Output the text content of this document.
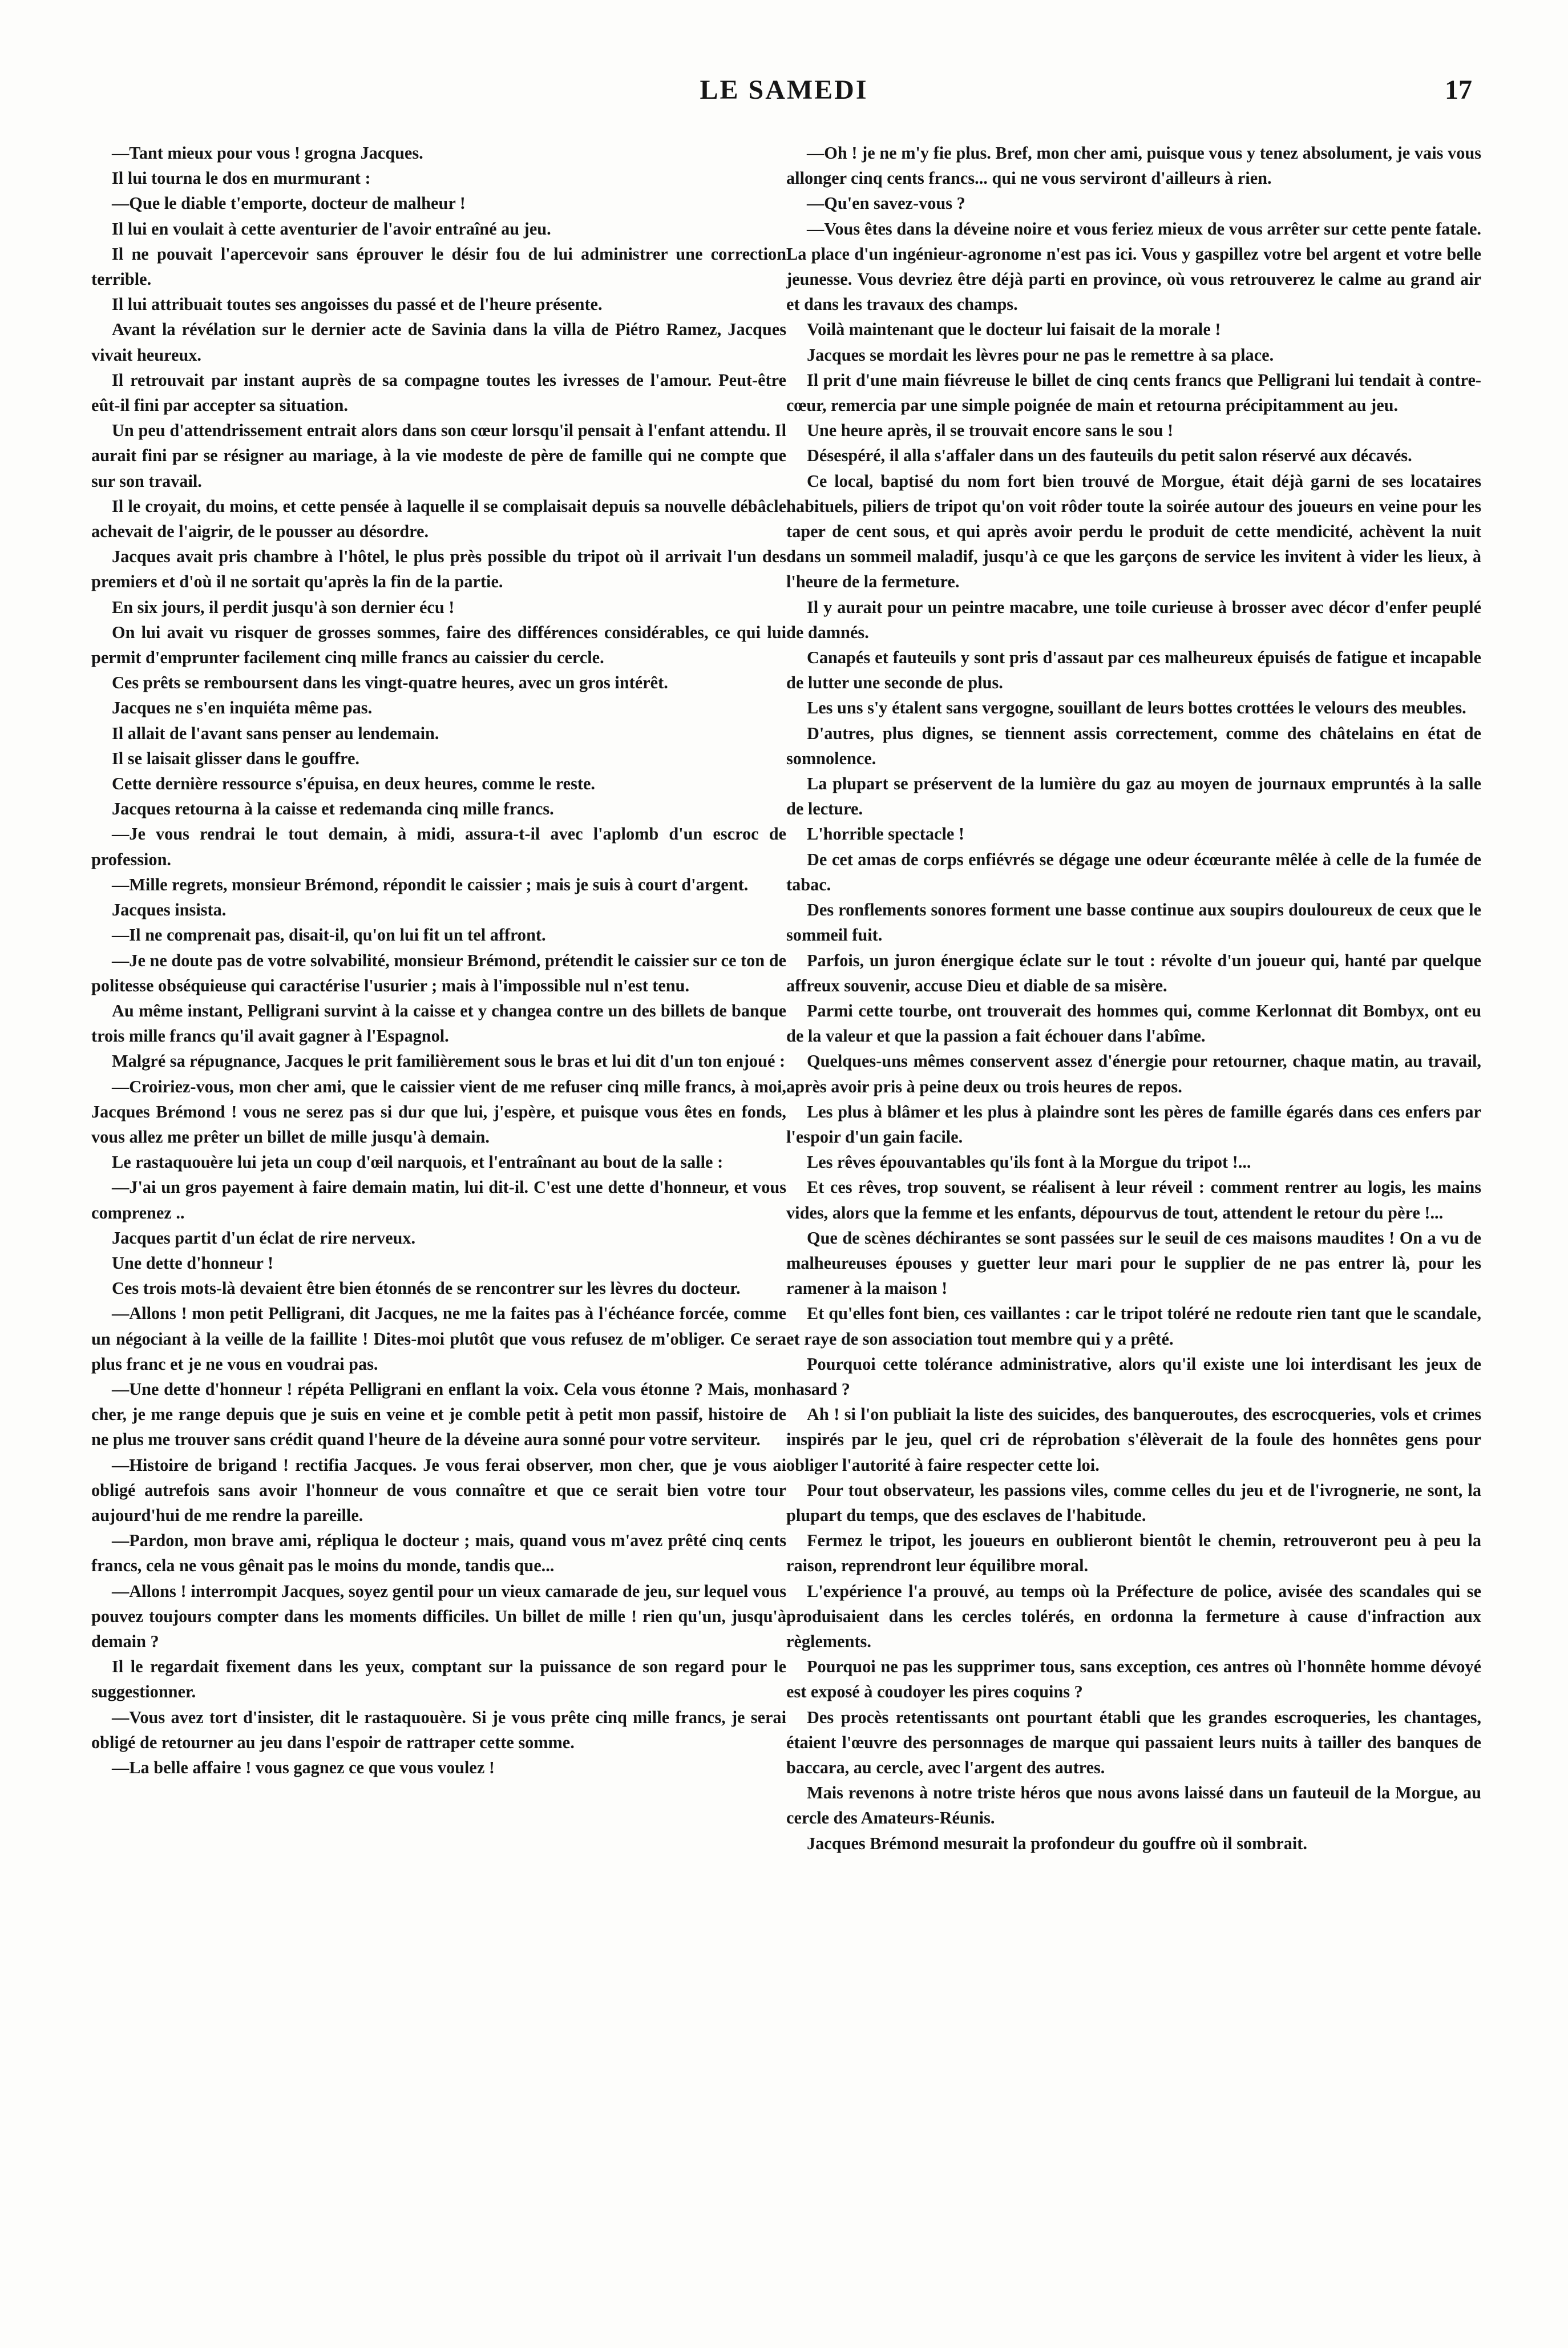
LE SAMEDI	17

—Tant mieux pour vous ! grogna Jacques.

Il lui tourna le dos en murmurant :

—Que le diable t'emporte, docteur de malheur !

Il lui en voulait à cette aventurier de l'avoir entraîné au jeu.

Il ne pouvait l'apercevoir sans éprouver le désir fou de lui administrer une correction terrible.

Il lui attribuait toutes ses angoisses du passé et de l'heure présente.

Avant la révélation sur le dernier acte de Savinia dans la villa de Piétro Ramez, Jacques vivait heureux.

Il retrouvait par instant auprès de sa compagne toutes les ivresses de l'amour. Peut-être eût-il fini par accepter sa situation.

Un peu d'attendrissement entrait alors dans son cœur lorsqu'il pensait à l'enfant attendu. Il aurait fini par se résigner au mariage, à la vie modeste de père de famille qui ne compte que sur son travail.

Il le croyait, du moins, et cette pensée à laquelle il se complaisait depuis sa nouvelle débâcle achevait de l'aigrir, de le pousser au désordre.

Jacques avait pris chambre à l'hôtel, le plus près possible du tripot où il arrivait l'un des premiers et d'où il ne sortait qu'après la fin de la partie.

En six jours, il perdit jusqu'à son dernier écu !

On lui avait vu risquer de grosses sommes, faire des différences considérables, ce qui lui permit d'emprunter facilement cinq mille francs au caissier du cercle.

Ces prêts se remboursent dans les vingt-quatre heures, avec un gros intérêt.

Jacques ne s'en inquiéta même pas.

Il allait de l'avant sans penser au lendemain.

Il se laisait glisser dans le gouffre.

Cette dernière ressource s'épuisa, en deux heures, comme le reste.

Jacques retourna à la caisse et redemanda cinq mille francs.

—Je vous rendrai le tout demain, à midi, assura-t-il avec l'aplomb d'un escroc de profession.

—Mille regrets, monsieur Brémond, répondit le caissier ; mais je suis à court d'argent.

Jacques insista.

—Il ne comprenait pas, disait-il, qu'on lui fit un tel affront.

—Je ne doute pas de votre solvabilité, monsieur Brémond, prétendit le caissier sur ce ton de politesse obséquieuse qui caractérise l'usurier ; mais à l'impossible nul n'est tenu.

Au même instant, Pelligrani survint à la caisse et y changea contre un des billets de banque trois mille francs qu'il avait gagner à l'Espagnol.

Malgré sa répugnance, Jacques le prit familièrement sous le bras et lui dit d'un ton enjoué :

—Croiriez-vous, mon cher ami, que le caissier vient de me refuser cinq mille francs, à moi, Jacques Brémond ! vous ne serez pas si dur que lui, j'espère, et puisque vous êtes en fonds, vous allez me prêter un billet de mille jusqu'à demain.

Le rastaquouère lui jeta un coup d'œil narquois, et l'entraînant au bout de la salle :

—J'ai un gros payement à faire demain matin, lui dit-il. C'est une dette d'honneur, et vous comprenez ..

Jacques partit d'un éclat de rire nerveux.

Une dette d'honneur !

Ces trois mots-là devaient être bien étonnés de se rencontrer sur les lèvres du docteur.

—Allons ! mon petit Pelligrani, dit Jacques, ne me la faites pas à l'échéance forcée, comme un négociant à la veille de la faillite ! Dites-moi plutôt que vous refusez de m'obliger. Ce sera plus franc et je ne vous en voudrai pas.

—Une dette d'honneur ! répéta Pelligrani en enflant la voix. Cela vous étonne ? Mais, mon cher, je me range depuis que je suis en veine et je comble petit à petit mon passif, histoire de ne plus me trouver sans crédit quand l'heure de la déveine aura sonné pour votre serviteur.

—Histoire de brigand ! rectifia Jacques. Je vous ferai observer, mon cher, que je vous ai obligé autrefois sans avoir l'honneur de vous connaître et que ce serait bien votre tour aujourd'hui de me rendre la pareille.

—Pardon, mon brave ami, répliqua le docteur ; mais, quand vous m'avez prêté cinq cents francs, cela ne vous gênait pas le moins du monde, tandis que...

—Allons ! interrompit Jacques, soyez gentil pour un vieux camarade de jeu, sur lequel vous pouvez toujours compter dans les moments difficiles. Un billet de mille ! rien qu'un, jusqu'à demain ?

Il le regardait fixement dans les yeux, comptant sur la puissance de son regard pour le suggestionner.

—Vous avez tort d'insister, dit le rastaquouère. Si je vous prête cinq mille francs, je serai obligé de retourner au jeu dans l'espoir de rattraper cette somme.

—La belle affaire ! vous gagnez ce que vous voulez !

—Oh ! je ne m'y fie plus. Bref, mon cher ami, puisque vous y tenez absolument, je vais vous allonger cinq cents francs... qui ne vous serviront d'ailleurs à rien.

—Qu'en savez-vous ?

—Vous êtes dans la déveine noire et vous feriez mieux de vous arrêter sur cette pente fatale. La place d'un ingénieur-agronome n'est pas ici. Vous y gaspillez votre bel argent et votre belle jeunesse. Vous devriez être déjà parti en province, où vous retrouverez le calme au grand air et dans les travaux des champs.

Voilà maintenant que le docteur lui faisait de la morale !

Jacques se mordait les lèvres pour ne pas le remettre à sa place.

Il prit d'une main fiévreuse le billet de cinq cents francs que Pelligrani lui tendait à contre-cœur, remercia par une simple poignée de main et retourna précipitamment au jeu.

Une heure après, il se trouvait encore sans le sou !

Désespéré, il alla s'affaler dans un des fauteuils du petit salon réservé aux décavés.

Ce local, baptisé du nom fort bien trouvé de Morgue, était déjà garni de ses locataires habituels, piliers de tripot qu'on voit rôder toute la soirée autour des joueurs en veine pour les taper de cent sous, et qui après avoir perdu le produit de cette mendicité, achèvent la nuit dans un sommeil maladif, jusqu'à ce que les garçons de service les invitent à vider les lieux, à l'heure de la fermeture.

Il y aurait pour un peintre macabre, une toile curieuse à brosser avec décor d'enfer peuplé de damnés.

Canapés et fauteuils y sont pris d'assaut par ces malheureux épuisés de fatigue et incapable de lutter une seconde de plus.

Les uns s'y étalent sans vergogne, souillant de leurs bottes crottées le velours des meubles.

D'autres, plus dignes, se tiennent assis correctement, comme des châtelains en état de somnolence.

La plupart se préservent de la lumière du gaz au moyen de journaux empruntés à la salle de lecture.

L'horrible spectacle !

De cet amas de corps enfiévrés se dégage une odeur écœurante mêlée à celle de la fumée de tabac.

Des ronflements sonores forment une basse continue aux soupirs douloureux de ceux que le sommeil fuit.

Parfois, un juron énergique éclate sur le tout : révolte d'un joueur qui, hanté par quelque affreux souvenir, accuse Dieu et diable de sa misère.

Parmi cette tourbe, ont trouverait des hommes qui, comme Kerlonnat dit Bombyx, ont eu de la valeur et que la passion a fait échouer dans l'abîme.

Quelques-uns mêmes conservent assez d'énergie pour retourner, chaque matin, au travail, après avoir pris à peine deux ou trois heures de repos.

Les plus à blâmer et les plus à plaindre sont les pères de famille égarés dans ces enfers par l'espoir d'un gain facile.

Les rêves épouvantables qu'ils font à la Morgue du tripot !...

Et ces rêves, trop souvent, se réalisent à leur réveil : comment rentrer au logis, les mains vides, alors que la femme et les enfants, dépourvus de tout, attendent le retour du père !...

Que de scènes déchirantes se sont passées sur le seuil de ces maisons maudites ! On a vu de malheureuses épouses y guetter leur mari pour le supplier de ne pas entrer là, pour les ramener à la maison !

Et qu'elles font bien, ces vaillantes : car le tripot toléré ne redoute rien tant que le scandale, et raye de son association tout membre qui y a prêté.

Pourquoi cette tolérance administrative, alors qu'il existe une loi interdisant les jeux de hasard ?

Ah ! si l'on publiait la liste des suicides, des banqueroutes, des escrocqueries, vols et crimes inspirés par le jeu, quel cri de réprobation s'élèverait de la foule des honnêtes gens pour obliger l'autorité à faire respecter cette loi.

Pour tout observateur, les passions viles, comme celles du jeu et de l'ivrognerie, ne sont, la plupart du temps, que des esclaves de l'habitude.

Fermez le tripot, les joueurs en oublieront bientôt le chemin, retrouveront peu à peu la raison, reprendront leur équilibre moral.

L'expérience l'a prouvé, au temps où la Préfecture de police, avisée des scandales qui se produisaient dans les cercles tolérés, en ordonna la fermeture à cause d'infraction aux règlements.

Pourquoi ne pas les supprimer tous, sans exception, ces antres où l'honnête homme dévoyé est exposé à coudoyer les pires coquins ?

Des procès retentissants ont pourtant établi que les grandes escroqueries, les chantages, étaient l'œuvre des personnages de marque qui passaient leurs nuits à tailler des banques de baccara, au cercle, avec l'argent des autres.

Mais revenons à notre triste héros que nous avons laissé dans un fauteuil de la Morgue, au cercle des Amateurs-Réunis.

Jacques Brémond mesurait la profondeur du gouffre où il sombrait.
